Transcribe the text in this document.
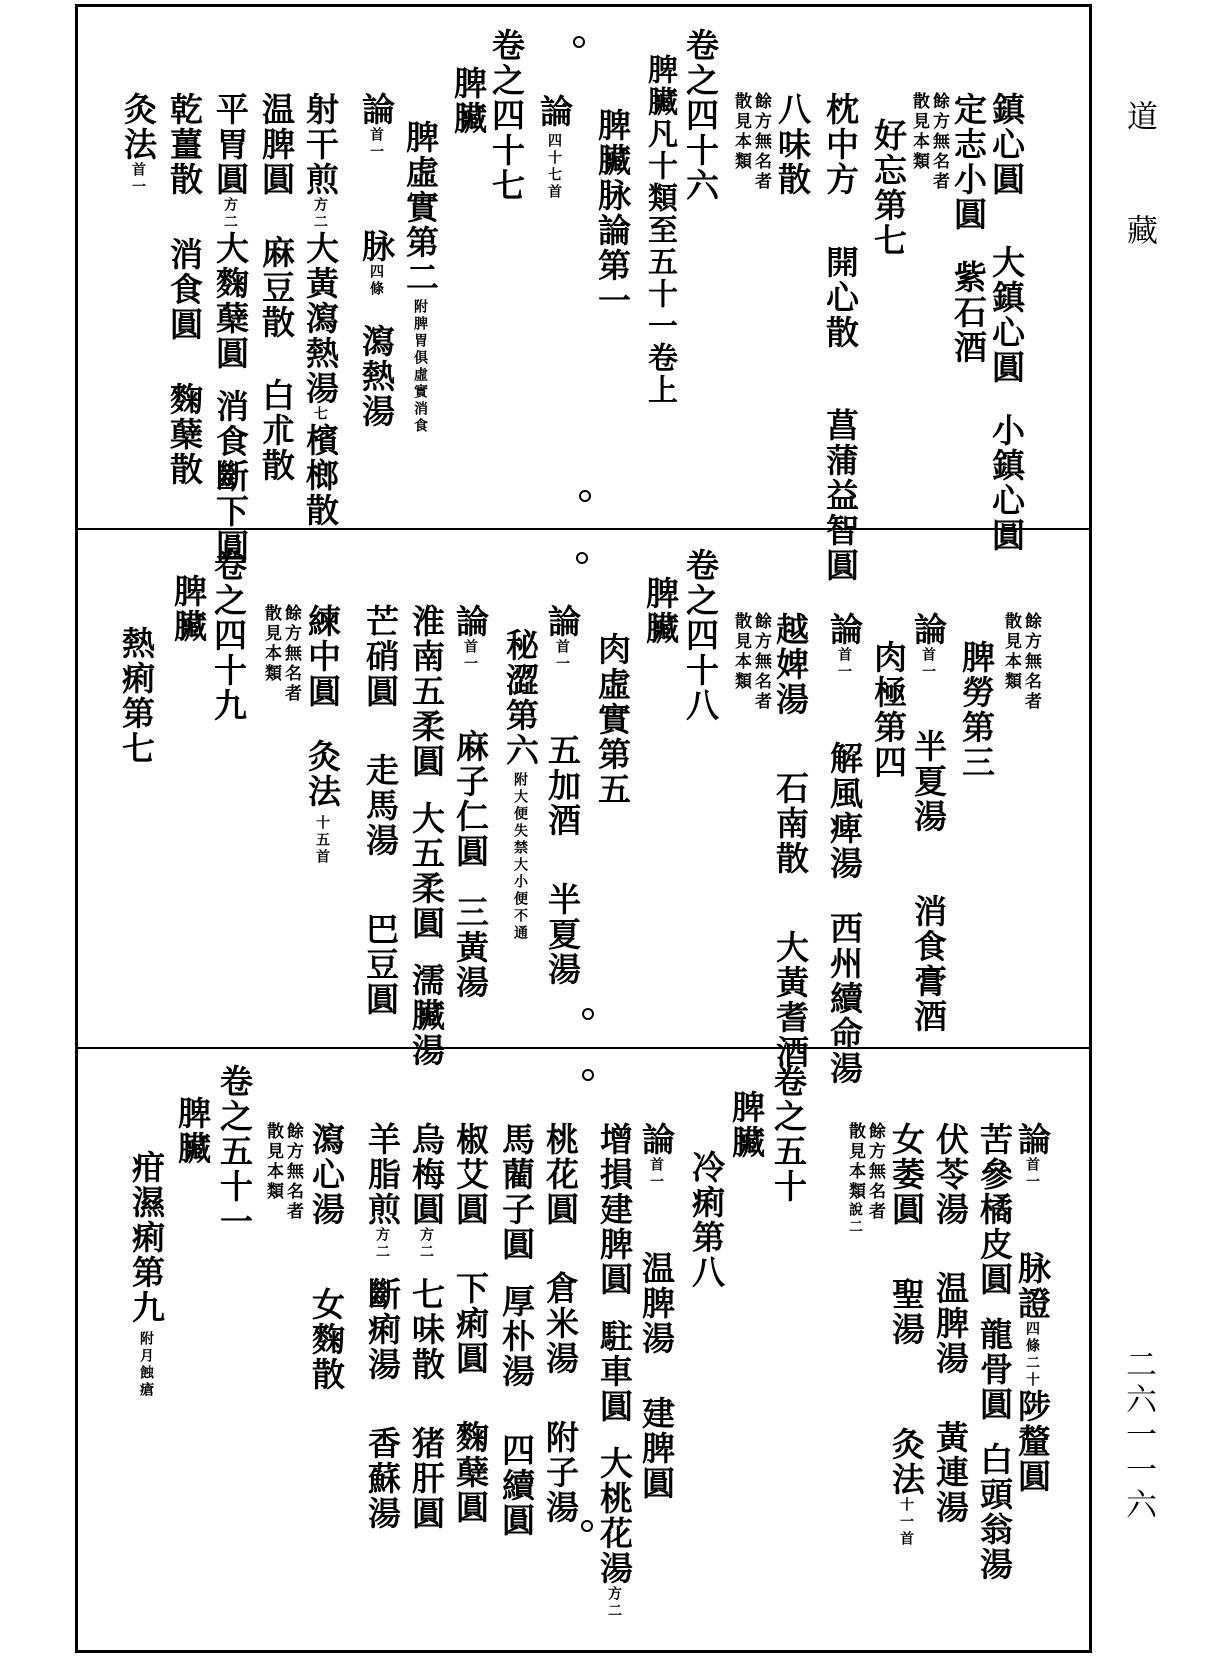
道　藏
二六一一六
鎮心圓大鎮心圓小鎮心圓
定志小圓紫石酒
餘方無名者
散見本類
好忘第七
枕中方開心散菖蒲益智圓
八味散
餘方無名者
散見本類
卷之四十六
脾臟凡十類至五十一卷上
脾臟脉論第一
論四十七首
卷之四十七
脾臟
脾虛實第二附脾胃俱虛實消食
論首一脉四條瀉熱湯
射干煎方二大黃瀉熱湯七檳榔散
温脾圓麻豆散白朮散
平胃圓方二大麴蘖圓消食斷下圓
乾薑散消食圓麴蘖散
灸法首一
餘方無名者
散見本類
脾勞第三
論首一半夏湯消食膏酒
肉極第四
論首一解風痺湯西州續命湯
越婢湯石南散大黃耆酒
餘方無名者
散見本類
卷之四十八
脾臟
肉虛實第五
論首一五加酒半夏湯
秘澀第六附大便失禁大小便不通
論首一麻子仁圓三黃湯
淮南五柔圓大五柔圓濡臟湯
芒硝圓走馬湯巴豆圓
練中圓灸法十五首
餘方無名者
散見本類
卷之四十九
脾臟
熱痢第七
論首一脉證四條二十陟釐圓
苦參橘皮圓龍骨圓白頭翁湯
伏苓湯温脾湯黃連湯
女萎圓聖湯灸法十一首
餘方無名者
散見本類說二
卷之五十
脾臟
冷痢第八
論首一温脾湯建脾圓
增損建脾圓駐車圓大桃花湯方二
桃花圓倉米湯附子湯
馬藺子圓厚朴湯四續圓
椒艾圓下痢圓麴蘖圓
烏梅圓方二七味散猪肝圓
羊脂煎方二斷痢湯香蘇湯
瀉心湯女麴散
餘方無名者
散見本類
卷之五十一
脾臟
疳濕痢第九附月蝕瘡
